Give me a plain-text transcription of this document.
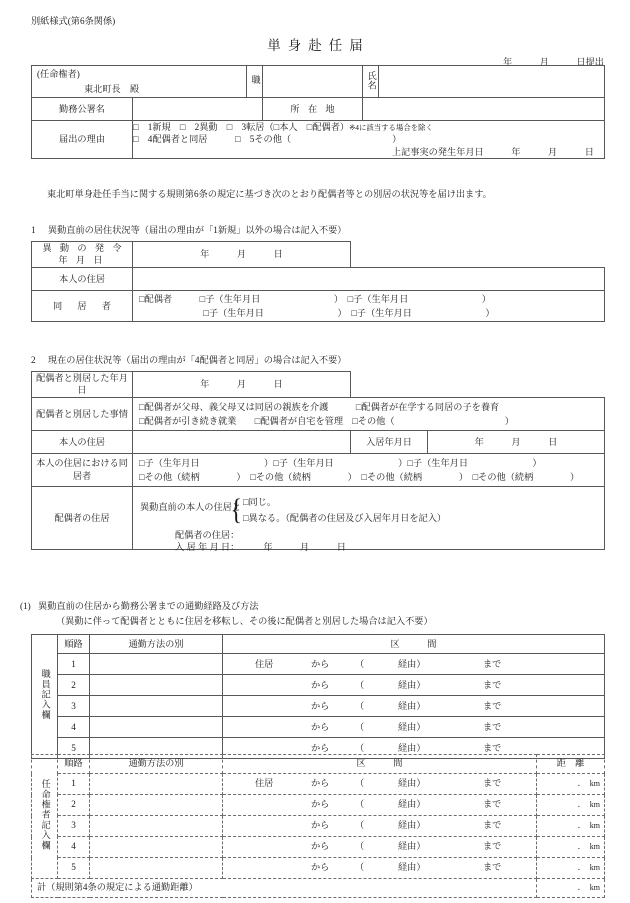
別紙様式(第6条関係)
単身赴任届
年　　　月　　　日提出
(任命権者)
東北町長　殿		職		氏名	
勤務公署名			所 在 地		
届出の理由	□　1新規　□　2異動　□　3転居（□本人　□配偶者）※4に該当する場合を除く
□　4配偶者と同居　　　□　5その他（　　　　　　　　　　　）
上記事実の発生年月日　　　年　　　月　　　日				
東北町単身赴任手当に関する規則第6条の規定に基づき次のとおり配偶者等との別居の状況等を届け出ます。
1 異動直前の居住状況等（届出の理由が「1新規」以外の場合は記入不要）
異 動 の 発 令 年 月 日	年　　　月　　　日	
本人の住居		
同　居　者	□配偶者　　　□子（生年月日　　　　　　　　）　□子（生年月日　　　　　　　　）
　　　　　　　□子（生年月日　　　　　　　　）　□子（生年月日　　　　　　　　）	
2 現在の居住状況等（届出の理由が「4配偶者と同居」の場合は記入不要）
配偶者と別居した年月日	年　　　月　　　日		
配偶者と別居した事情	□配偶者が父母、義父母又は同居の親族を介護　　　□配偶者が在学する同居の子を養育
□配偶者が引き続き就業　　□配偶者が自宅を管理　□その他（　　　　　　　　　　　　）		

本人の住居		入居年月日	年　　　月　　　日
本人の住居における同居者	□子（生年月日　　　　　　　）□子（生年月日　　　　　　　）□子（生年月日　　　　　　　）
□その他（続柄　　　　）　□その他（続柄　　　　）　□その他（続柄　　　　）　□その他（続柄　　　　）		

配偶者の住居	
異動直前の本人の住居と
{ □同じ。
□異なる。（配偶者の住居及び入居年月日を記入）
配偶者の住居：
入 居 年 月 日：	年　　　月　　　日
(1) 異動直前の住居から勤務公署までの通勤経路及び方法
（異動に伴って配偶者とともに住居を移転し、その後に配偶者と別居した場合は記入不要）
職員記入欄	順路	通勤方法の別	区　　　間
	1		住居 から （ 経由） まで

	2		から （ 経由） まで

	3		から （ 経由） まで

	4		から （ 経由） まで

	5		から （ 経由） まで
任命権者記入欄	順路	通勤方法の別	区　　　間	距　離
	1		住居 から （ 経由） まで	. km

	2		から （ 経由） まで	. km

	3		から （ 経由） まで	. km

	4		から （ 経由） まで	. km

	5		から （ 経由） まで	. km

計（規則第4条の規定による通勤距離）				. km
